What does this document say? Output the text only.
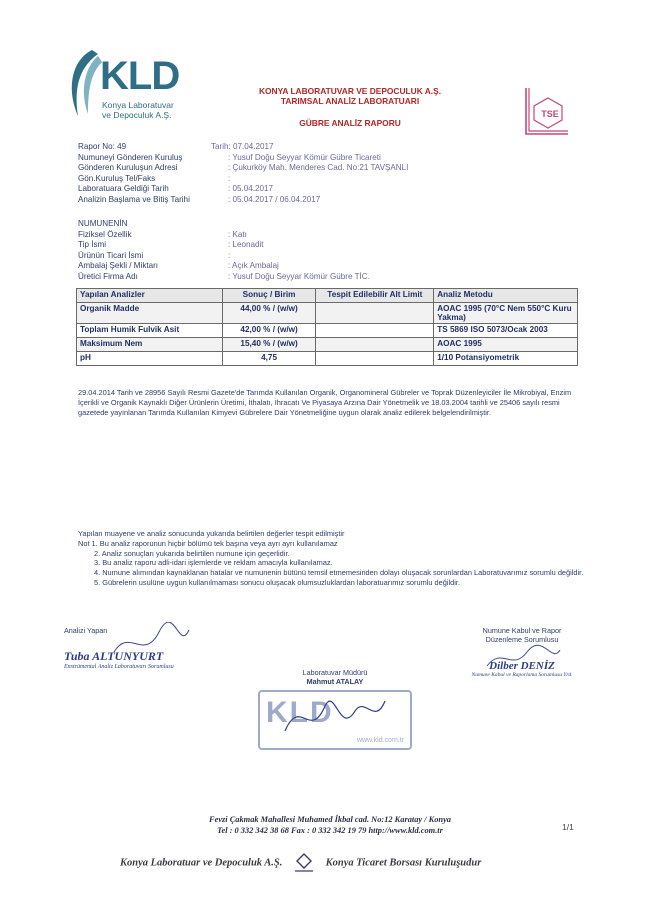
KLD
Konya Laboratuvar
ve Depoculuk A.Ş.
KONYA LABORATUVAR VE DEPOCULUK A.Ş.
TARIMSAL ANALİZ LABORATUARI
GÜBRE ANALİZ RAPORU
TSE
Rapor No: 49	Tarih: 07.04.2017
Numuneyi Gönderen Kuruluş	: Yusuf Doğu Seyyar Kömür Gübre Ticareti
Gönderen Kuruluşun Adresi	: Çukurköy Mah. Menderes Cad. No:21 TAVŞANLI
Gön.Kuruluş Tel/Faks	:
Laboratuara Geldiği Tarih	: 05.04.2017
Analizin Başlama ve Bitiş Tarihi	: 05.04.2017 / 06.04.2017
NUMUNENİN
Fiziksel Özellik	: Katı
Tip İsmi	: Leonadit
Ürünün Ticari İsmi	:
Ambalaj Şekli / Miktarı	: Açık Ambalaj
Üretici Firma Adı	: Yusuf Doğu Seyyar Kömür Gübre TİC.
Yapılan Analizler	Sonuç / Birim	Tespit Edilebilir Alt Limit	Analiz Metodu
Organik Madde	44,00 % / (w/w)		AOAC 1995 (70°C Nem 550°C Kuru Yakma)
Toplam Humik Fulvik Asit	42,00 % / (w/w)		TS 5869 ISO 5073/Ocak 2003
Maksimum Nem	15,40 % / (w/w)		AOAC 1995
pH	4,75		1/10 Potansiyometrik
29.04.2014 Tarih ve 28956 Sayılı Resmi Gazete'de Tarımda Kullanılan Organik, Organomineral Gübreler ve Toprak Düzenleyiciler İle Mikrobiyal, Enzim İçerikli ve Organik Kaynaklı Diğer Ürünlerin Üretimi, İthalatı, İhracatı Ve Piyasaya Arzına Dair Yönetmelik ve 18.03.2004 tarihli ve 25406 sayılı resmi gazetede yayınlanan Tarımda Kullanılan Kimyevi Gübrelere Dair Yönetmeliğine uygun olarak analiz edilerek belgelendirilmiştir.
Yapılan muayene ve analiz sonucunda yukarıda belirtilen değerler tespit edilmiştir
Not 1. Bu analiz raporunun hiçbir bölümü tek başına veya ayrı ayrı kullanılamaz
2. Analiz sonuçları yukarıda belirtilen numune için geçerlidir.
3. Bu analiz raporu adli-idari işlemlerde ve reklam amacıyla kullanılamaz.
4. Numune alımından kaynaklanan hatalar ve numunenin bütünü temsil etmemesinden dolayı oluşacak sorunlardan Laboratuvarımız sorumlu değildir.
5. Gübrelerin usulüne uygun kullanılmaması sonucu oluşacak olumsuzluklardan laboratuarımız sorumlu değildir.
Analizi Yapan
Tuba ALTUNYURT
Enstrümental Analiz Laboratuvarı Sorumlusu
Laboratuvar Müdürü
Mahmut ATALAY
KLD
www.kld.com.tr
Numune Kabul ve Rapor
Düzenleme Sorumlusu
Dilber DENİZ
Numune Kabul ve Raporlama Sorumlusu Yrd.
Fevzi Çakmak Mahallesi Muhamed İkbal cad. No:12 Karatay / Konya
Tel : 0 332 342 38 68 Fax : 0 332 342 19 79 http://www.kld.com.tr	1/1
Konya Laboratuar ve Depoculuk A.Ş.	Konya Ticaret Borsası Kuruluşudur
